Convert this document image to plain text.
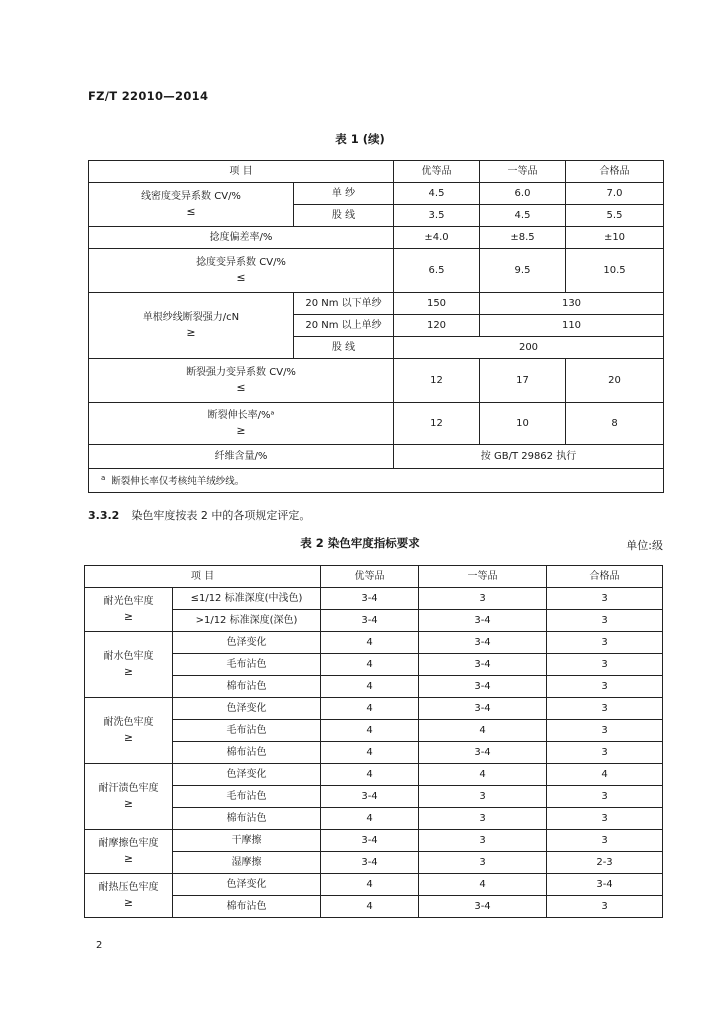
FZ/T 22010—2014
表 1 (续)
项 目		优等品	一等品	合格品

线密度变异系数 CV/%
≤	单 纱	4.5	6.0	7.0
	股 线	3.5	4.5	5.5
捻度偏差率/%		±4.0	±8.5	±10

捻度变异系数 CV/%
≤		6.5	9.5	10.5

单根纱线断裂强力/cN
≥	20 Nm 以下单纱	150	130	
	20 Nm 以上单纱	120	110	
	股 线	200		

断裂强力变异系数 CV/%
≤		12	17	20

断裂伸长率/%ᵃ
≥		12	10	8
纤维含量/%		按 GB/T 29862 执行		
$^a$ 断裂伸长率仅考核纯羊绒纱线。				
3.3.2 染色牢度按表 2 中的各项规定评定。
表 2 染色牢度指标要求	单位:级
项 目		优等品	一等品	合格品

耐光色牢度
≥	≤1/12 标准深度(中浅色)	3-4	3	3
	>1/12 标准深度(深色)	3-4	3-4	3

耐水色牢度
≥	色泽变化	4	3-4	3
	毛布沾色	4	3-4	3
	棉布沾色	4	3-4	3

耐洗色牢度
≥	色泽变化	4	3-4	3
	毛布沾色	4	4	3
	棉布沾色	4	3-4	3

耐汗渍色牢度
≥	色泽变化	4	4	4
	毛布沾色	3-4	3	3
	棉布沾色	4	3	3

耐摩擦色牢度
≥	干摩擦	3-4	3	3
	湿摩擦	3-4	3	2-3

耐热压色牢度
≥	色泽变化	4	4	3-4
	棉布沾色	4	3-4	3
2
